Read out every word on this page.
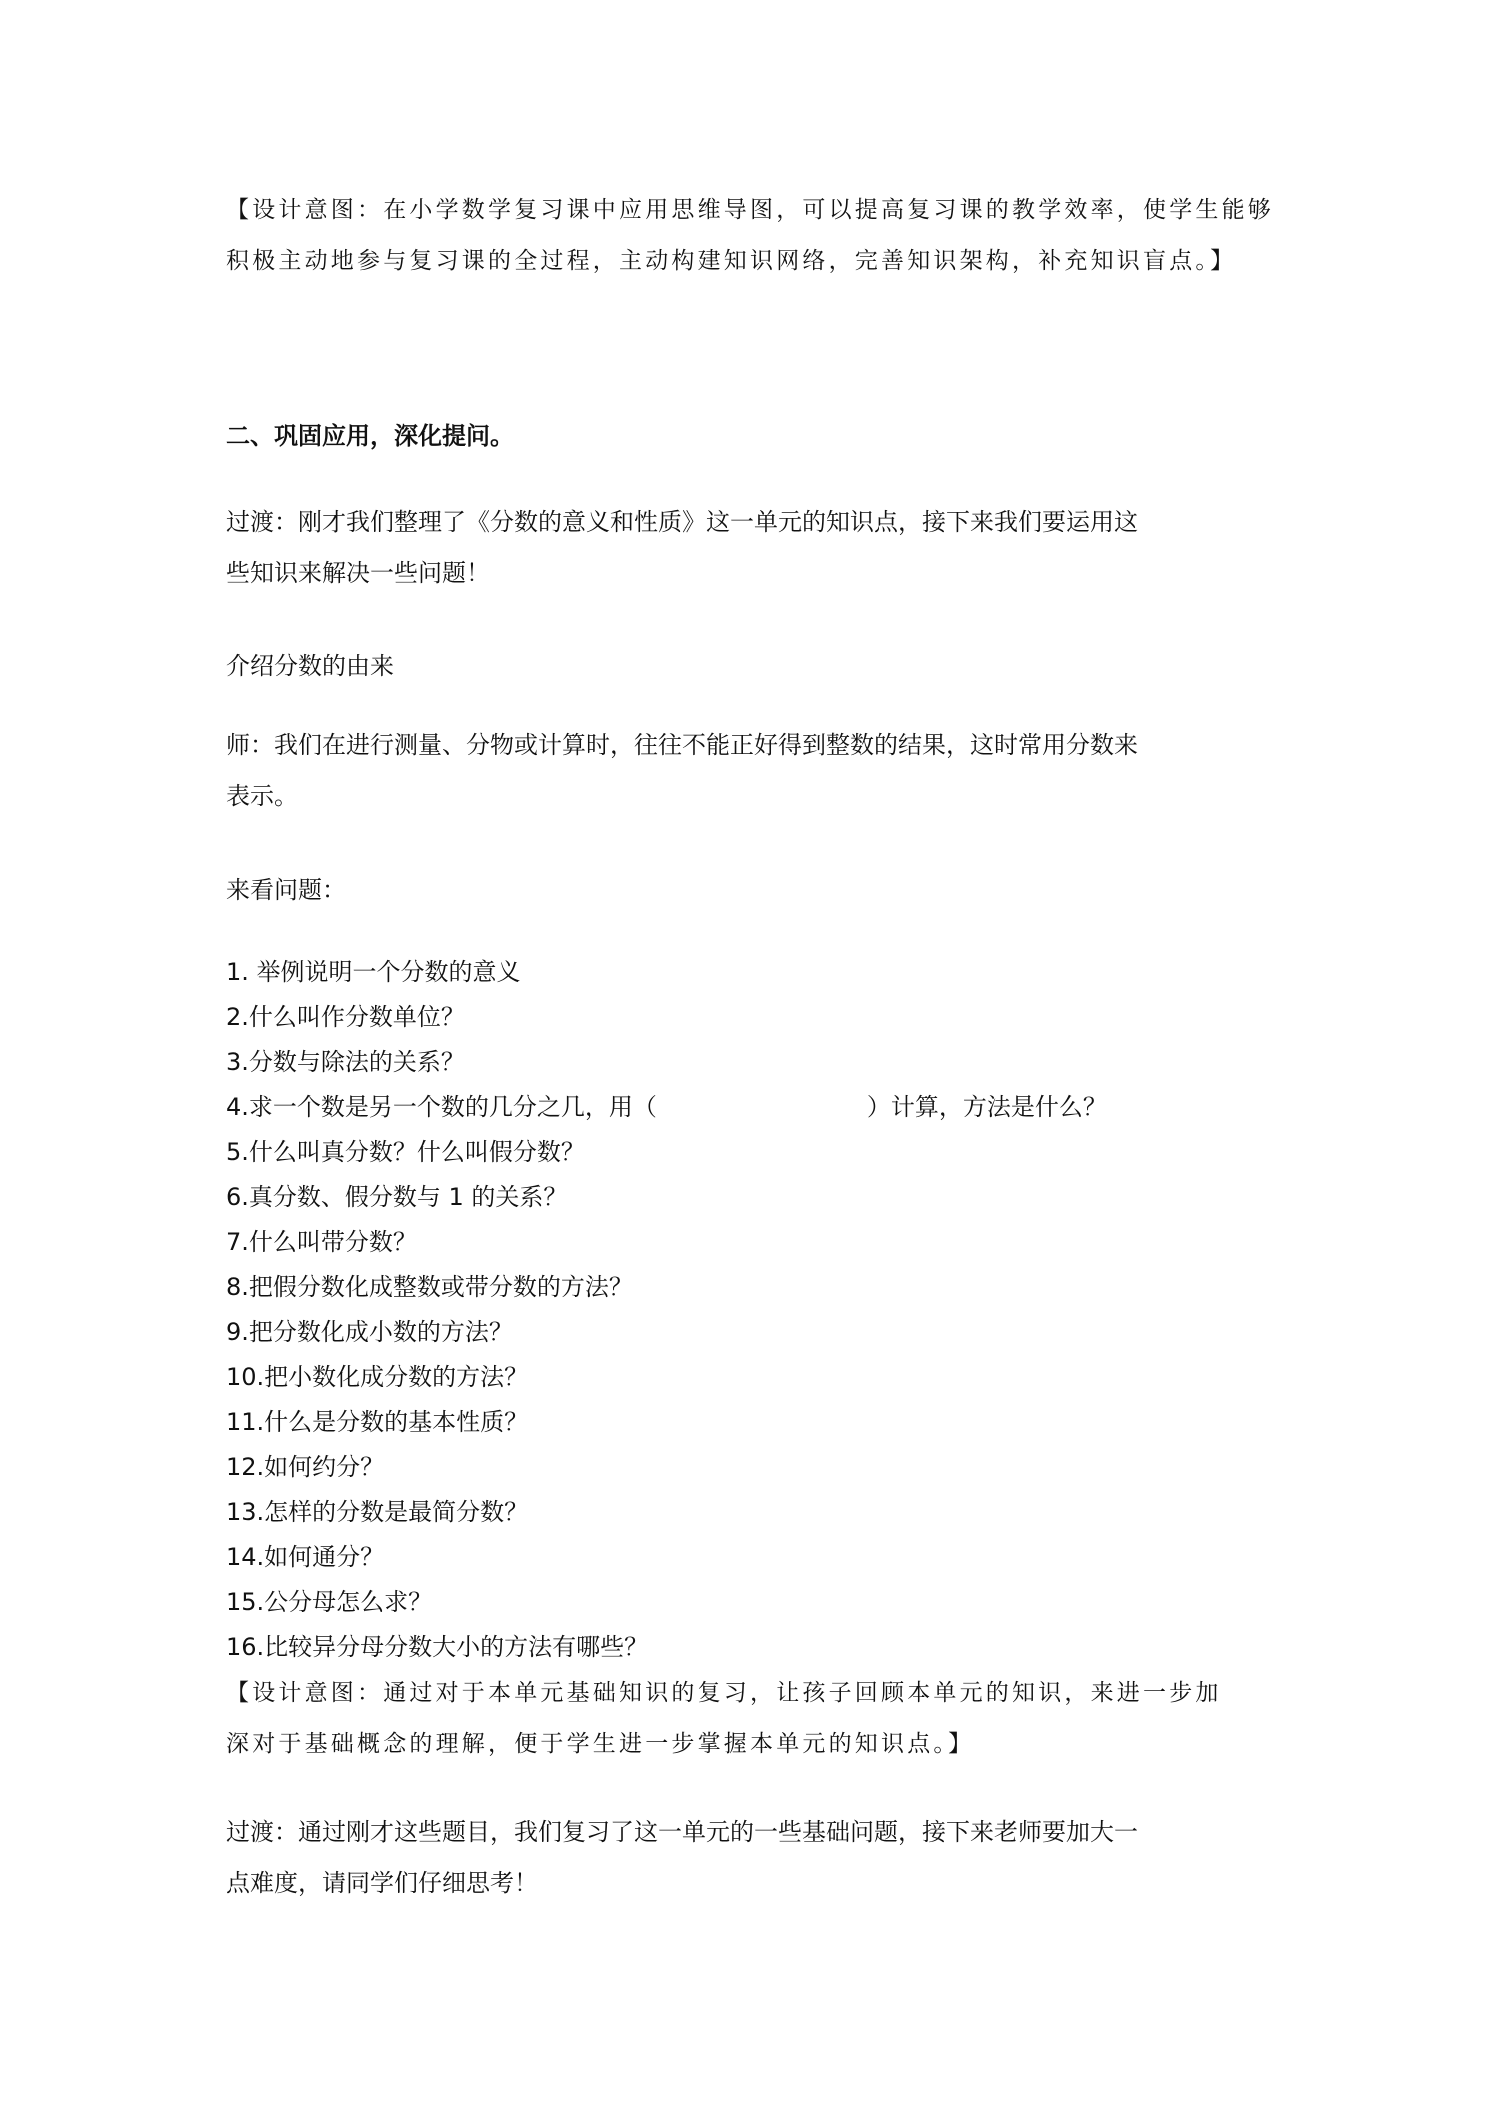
【设计意图：在小学数学复习课中应用思维导图，可以提高复习课的教学效率，使学生能够
积极主动地参与复习课的全过程，主动构建知识网络，完善知识架构，补充知识盲点。】
二、巩固应用，深化提问。
过渡：刚才我们整理了《分数的意义和性质》这一单元的知识点，接下来我们要运用这
些知识来解决一些问题！
介绍分数的由来
师：我们在进行测量、分物或计算时，往往不能正好得到整数的结果，这时常用分数来
表示。
来看问题：
1. 举例说明一个分数的意义
2.什么叫作分数单位？
3.分数与除法的关系？
4.求一个数是另一个数的几分之几，用（	）计算，方法是什么？
5.什么叫真分数？什么叫假分数？
6.真分数、假分数与 1 的关系？
7.什么叫带分数？
8.把假分数化成整数或带分数的方法？
9.把分数化成小数的方法？
10.把小数化成分数的方法？
11.什么是分数的基本性质？
12.如何约分？
13.怎样的分数是最简分数？
14.如何通分？
15.公分母怎么求？
16.比较异分母分数大小的方法有哪些？
【设计意图：通过对于本单元基础知识的复习，让孩子回顾本单元的知识，来进一步加
深对于基础概念的理解，便于学生进一步掌握本单元的知识点。】
过渡：通过刚才这些题目，我们复习了这一单元的一些基础问题，接下来老师要加大一
点难度，请同学们仔细思考！
